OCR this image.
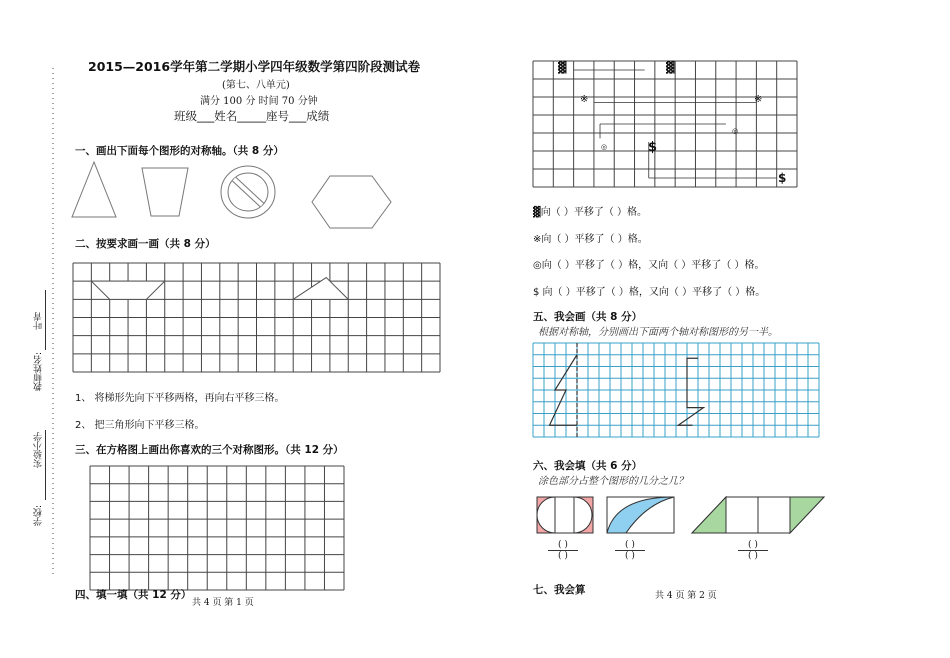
学校:
实验小学
教师姓名:
叶青
2015—2016学年第二学期小学四年级数学第四阶段测试卷
(第七、八单元)
满分 100 分 时间 70 分钟
班级___姓名_____座号___成绩
一、画出下面每个图形的对称轴。（共 8 分）
二、按要求画一画（共 8 分）
1、 将梯形先向下平移两格，再向右平移三格。
2、 把三角形向下平移三格。
三、在方格图上画出你喜欢的三个对称图形。（共 12 分）
四、填一填（共 12 分）
共 4 页 第 1 页
▓	▓
※	※
◎
◎
$
$
▓向（ ）平移了（ ）格。
※向（ ）平移了（ ）格。
◎向（ ）平移了（ ）格，又向（ ）平移了（ ）格。
$ 向（ ）平移了（ ）格，又向（ ）平移了（ ）格。
五、我会画（共 8 分）
根据对称轴，分别画出下面两个轴对称图形的另一半。
六、我会填（共 6 分）
涂色部分占整个图形的几分之几？
( )
( )
( )
( )
( )
( )
七、我会算	共 4 页 第 2 页
